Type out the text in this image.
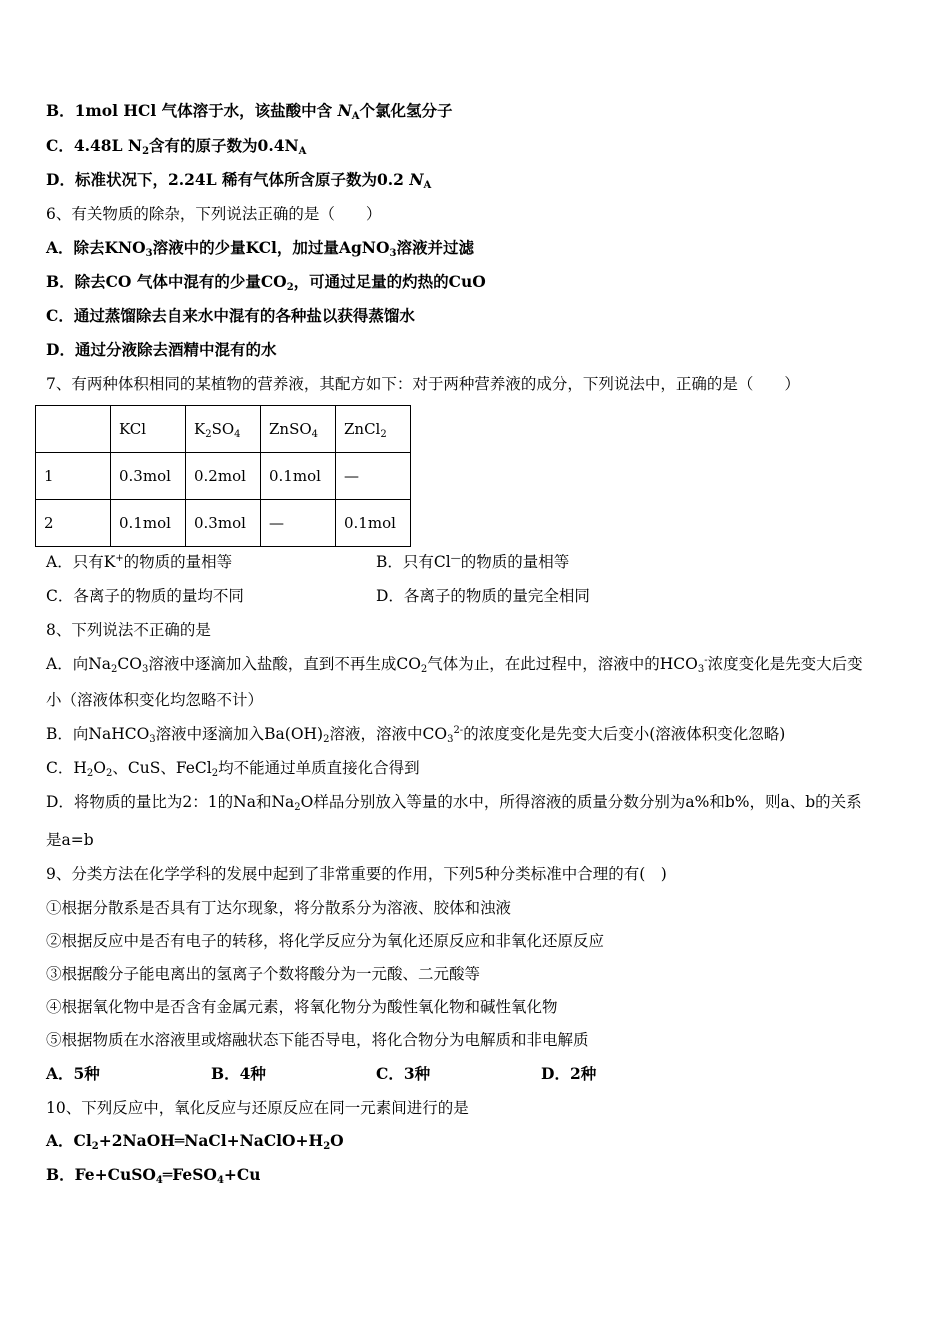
B．1mol HCl 气体溶于水，该盐酸中含 $N_A$个氯化氢分子
C．4.48L $N_2$含有的原子数为$0.4N_A$
D．标准状况下，2.24L 稀有气体所含原子数为0.2 $N_A$
6、有关物质的除杂，下列说法正确的是（　　）
A．除去$KNO_3$溶液中的少量KCl，加过量AgNO$_3$溶液并过滤
B．除去CO 气体中混有的少量$CO_2$，可通过足量的灼热的CuO
C．通过蒸馏除去自来水中混有的各种盐以获得蒸馏水
D．通过分液除去酒精中混有的水
7、有两种体积相同的某植物的营养液，其配方如下：对于两种营养液的成分，下列说法中，正确的是（　　）
	KCl	$K_2SO_4$	ZnSO$_4$	ZnCl$_2$
1	0.3mol	0.2mol	0.1mol	—
2	0.1mol	0.3mol	—	0.1mol
A．只有K+的物质的量相等	B．只有Cl—的物质的量相等
C．各离子的物质的量均不同	D．各离子的物质的量完全相同
8、下列说法不正确的是
A．向$Na_2CO_3$溶液中逐滴加入盐酸，直到不再生成$CO_2$气体为止，在此过程中，溶液中的$HCO_3^-$浓度变化是先变大后变
小（溶液体积变化均忽略不计）
B．向NaHCO$_3$溶液中逐滴加入$Ba(OH)_2$溶液，溶液中$CO_3^{2-}$的浓度变化是先变大后变小(溶液体积变化忽略)
C．$H_2O_2$、CuS、FeCl$_2$均不能通过单质直接化合得到
D．将物质的量比为2：1的Na和$Na_2O$样品分别放入等量的水中，所得溶液的质量分数分别为a%和b%，则a、b的关系
是a=b
9、分类方法在化学学科的发展中起到了非常重要的作用，下列5种分类标准中合理的有(　)
①根据分散系是否具有丁达尔现象，将分散系分为溶液、胶体和浊液
②根据反应中是否有电子的转移，将化学反应分为氧化还原反应和非氧化还原反应
③根据酸分子能电离出的氢离子个数将酸分为一元酸、二元酸等
④根据氧化物中是否含有金属元素，将氧化物分为酸性氧化物和碱性氧化物
⑤根据物质在水溶液里或熔融状态下能否导电，将化合物分为电解质和非电解质
A．5种	B．4种	C．3种	D．2种
10、下列反应中，氧化反应与还原反应在同一元素间进行的是
A．$Cl_2+2NaOH═NaCl+NaClO+H_2O$
B．Fe+CuSO$_4$═FeSO$_4$+Cu
